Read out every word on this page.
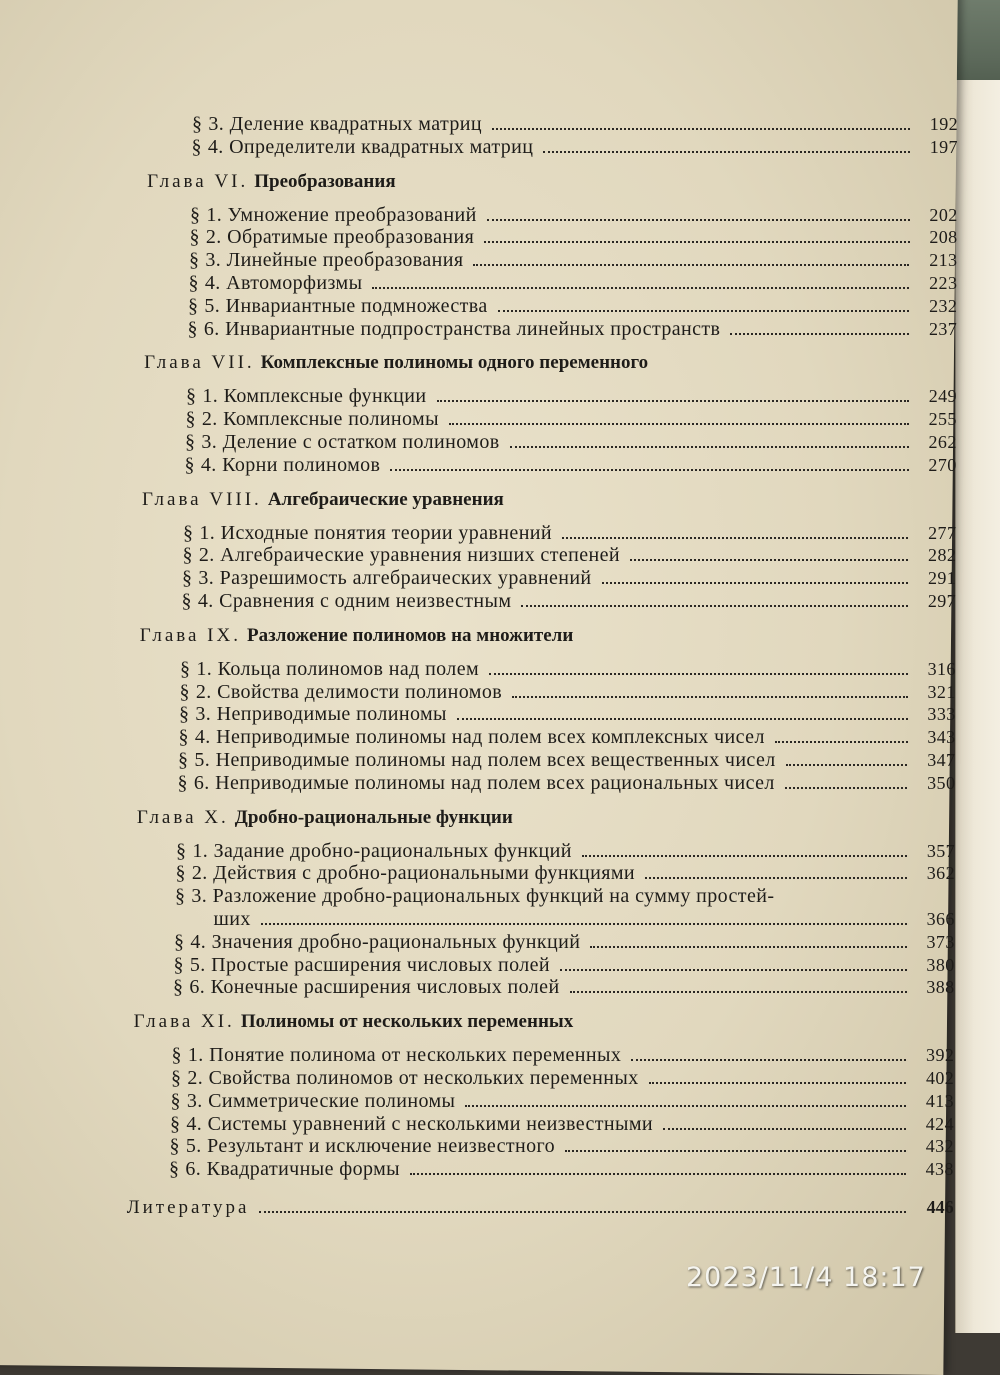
§ 3. Деление квадратных матриц	192
§ 4. Определители квадратных матриц	197
Глава VI. Преобразования
§ 1. Умножение преобразований	202
§ 2. Обратимые преобразования	208
§ 3. Линейные преобразования	213
§ 4. Автоморфизмы	223
§ 5. Инвариантные подмножества	232
§ 6. Инвариантные подпространства линейных пространств	237
Глава VII. Комплексные полиномы одного переменного
§ 1. Комплексные функции	249
§ 2. Комплексные полиномы	255
§ 3. Деление с остатком полиномов	262
§ 4. Корни полиномов	270
Глава VIII. Алгебраические уравнения
§ 1. Исходные понятия теории уравнений	277
§ 2. Алгебраические уравнения низших степеней	282
§ 3. Разрешимость алгебраических уравнений	291
§ 4. Сравнения с одним неизвестным	297
Глава IX. Разложение полиномов на множители
§ 1. Кольца полиномов над полем	316
§ 2. Свойства делимости полиномов	321
§ 3. Неприводимые полиномы	333
§ 4. Неприводимые полиномы над полем всех комплексных чисел	343
§ 5. Неприводимые полиномы над полем всех вещественных чисел	347
§ 6. Неприводимые полиномы над полем всех рациональных чисел	350
Глава X. Дробно-рациональные функции
§ 1. Задание дробно-рациональных функций	357
§ 2. Действия с дробно-рациональными функциями	362
§ 3. Разложение дробно-рациональных функций на сумму простей-
ших	366
§ 4. Значения дробно-рациональных функций	373
§ 5. Простые расширения числовых полей	380
§ 6. Конечные расширения числовых полей	388
Глава XI. Полиномы от нескольких переменных
§ 1. Понятие полинома от нескольких переменных	392
§ 2. Свойства полиномов от нескольких переменных	402
§ 3. Симметрические полиномы	413
§ 4. Системы уравнений с несколькими неизвестными	424
§ 5. Результант и исключение неизвестного	432
§ 6. Квадратичные формы	438
Литература	446
2023/11/4 18:17
